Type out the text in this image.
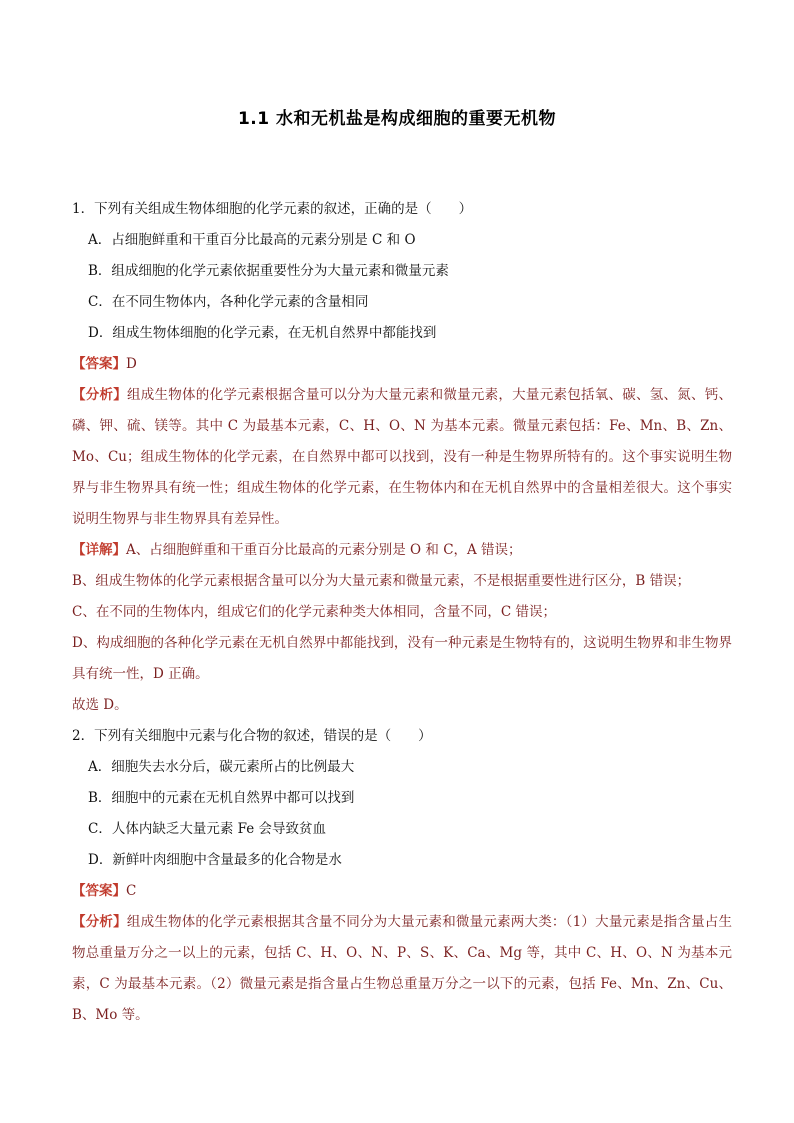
1.1 水和无机盐是构成细胞的重要无机物
1．下列有关组成生物体细胞的化学元素的叙述，正确的是（　　）
A．占细胞鲜重和干重百分比最高的元素分别是 C 和 O
B．组成细胞的化学元素依据重要性分为大量元素和微量元素
C．在不同生物体内，各种化学元素的含量相同
D．组成生物体细胞的化学元素，在无机自然界中都能找到
【答案】D
【分析】组成生物体的化学元素根据含量可以分为大量元素和微量元素，大量元素包括氧、碳、氢、氮、钙、磷、钾、硫、镁等。其中 C 为最基本元素，C、H、O、N 为基本元素。微量元素包括：Fe、Mn、B、Zn、Mo、Cu；组成生物体的化学元素，在自然界中都可以找到，没有一种是生物界所特有的。这个事实说明生物界与非生物界具有统一性；组成生物体的化学元素，在生物体内和在无机自然界中的含量相差很大。这个事实说明生物界与非生物界具有差异性。
【详解】A、占细胞鲜重和干重百分比最高的元素分别是 O 和 C，A 错误；
B、组成生物体的化学元素根据含量可以分为大量元素和微量元素，不是根据重要性进行区分，B 错误；
C、在不同的生物体内，组成它们的化学元素种类大体相同，含量不同，C 错误；
D、构成细胞的各种化学元素在无机自然界中都能找到，没有一种元素是生物特有的，这说明生物界和非生物界具有统一性，D 正确。
故选 D。
2．下列有关细胞中元素与化合物的叙述，错误的是（　　）
A．细胞失去水分后，碳元素所占的比例最大
B．细胞中的元素在无机自然界中都可以找到
C．人体内缺乏大量元素 Fe 会导致贫血
D．新鲜叶肉细胞中含量最多的化合物是水
【答案】C
【分析】组成生物体的化学元素根据其含量不同分为大量元素和微量元素两大类：（1）大量元素是指含量占生物总重量万分之一以上的元素，包括 C、H、O、N、P、S、K、Ca、Mg 等，其中 C、H、O、N 为基本元素，C 为最基本元素。（2）微量元素是指含量占生物总重量万分之一以下的元素，包括 Fe、Mn、Zn、Cu、B、Mo 等。
